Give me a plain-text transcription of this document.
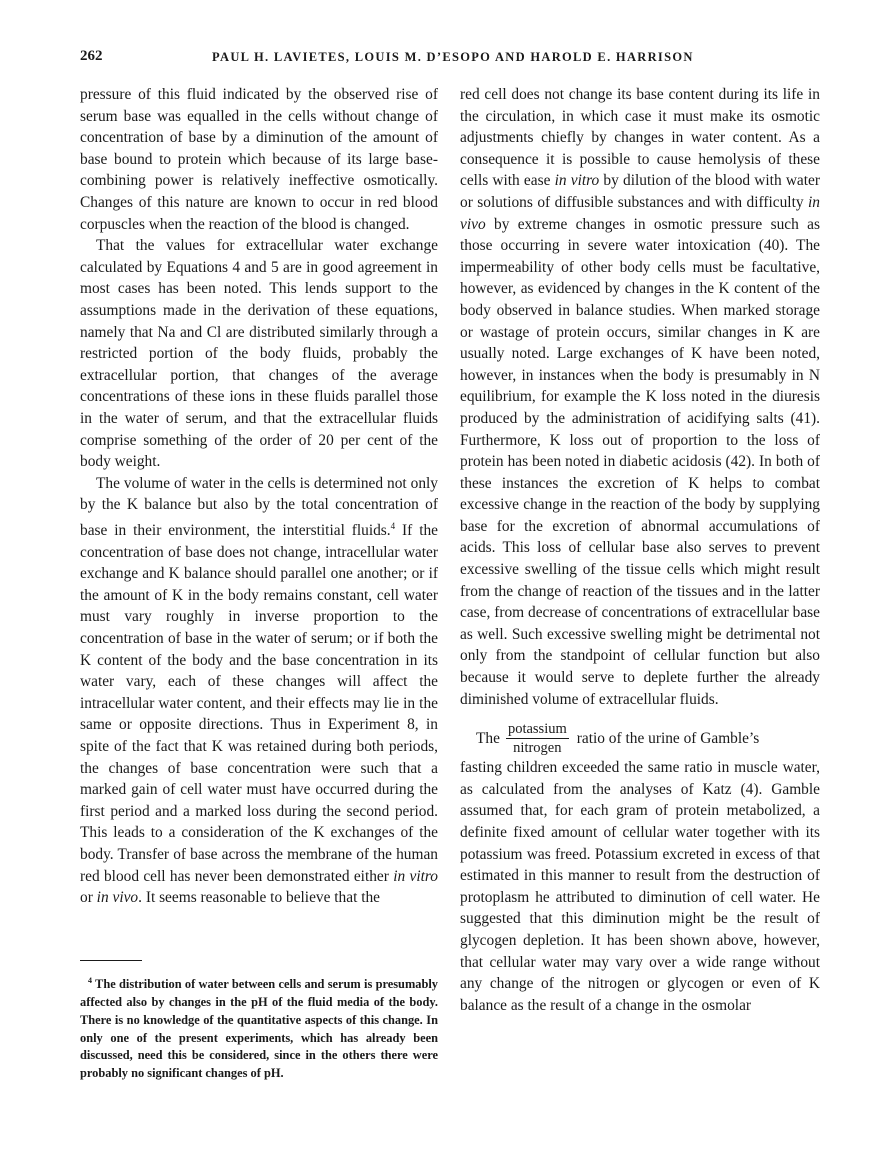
262	PAUL H. LAVIETES, LOUIS M. D’ESOPO AND HAROLD E. HARRISON

pressure of this fluid indicated by the observed rise of serum base was equalled in the cells without change of concentration of base by a diminution of the amount of base bound to protein which because of its large base-combining power is relatively ineffective osmotically. Changes of this nature are known to occur in red blood corpuscles when the reaction of the blood is changed.

That the values for extracellular water exchange calculated by Equations 4 and 5 are in good agreement in most cases has been noted. This lends support to the assumptions made in the derivation of these equations, namely that Na and Cl are distributed similarly through a restricted portion of the body fluids, probably the extracellular portion, that changes of the average concentrations of these ions in these fluids parallel those in the water of serum, and that the extracellular fluids comprise something of the order of 20 per cent of the body weight.

The volume of water in the cells is determined not only by the K balance but also by the total concentration of base in their environment, the interstitial fluids.$^4$ If the concentration of base does not change, intracellular water exchange and K balance should parallel one another; or if the amount of K in the body remains constant, cell water must vary roughly in inverse proportion to the concentration of base in the water of serum; or if both the K content of the body and the base concentration in its water vary, each of these changes will affect the intracellular water content, and their effects may lie in the same or opposite directions. Thus in Experiment 8, in spite of the fact that K was retained during both periods, the changes of base concentration were such that a marked gain of cell water must have occurred during the first period and a marked loss during the second period. This leads to a consideration of the K exchanges of the body. Transfer of base across the membrane of the human red blood cell has never been demonstrated either in vitro or in vivo. It seems reasonable to believe that the

$^4$ The distribution of water between cells and serum is presumably affected also by changes in the pH of the fluid media of the body. There is no knowledge of the quantitative aspects of this change. In only one of the present experiments, which has already been discussed, need this be considered, since in the others there were probably no significant changes of pH.

red cell does not change its base content during its life in the circulation, in which case it must make its osmotic adjustments chiefly by changes in water content. As a consequence it is possible to cause hemolysis of these cells with ease in vitro by dilution of the blood with water or solutions of diffusible substances and with difficulty in vivo by extreme changes in osmotic pressure such as those occurring in severe water intoxication (40). The impermeability of other body cells must be facultative, however, as evidenced by changes in the K content of the body observed in balance studies. When marked storage or wastage of protein occurs, similar changes in K are usually noted. Large exchanges of K have been noted, however, in instances when the body is presumably in N equilibrium, for example the K loss noted in the diuresis produced by the administration of acidifying salts (41). Furthermore, K loss out of proportion to the loss of protein has been noted in diabetic acidosis (42). In both of these instances the excretion of K helps to combat excessive change in the reaction of the body by supplying base for the excretion of abnormal accumulations of acids. This loss of cellular base also serves to prevent excessive swelling of the tissue cells which might result from the change of reaction of the tissues and in the latter case, from decrease of concentrations of extracellular base as well. Such excessive swelling might be detrimental not only from the standpoint of cellular function but also because it would serve to deplete further the already diminished volume of extracellular fluids.

The $\frac{\text{potassium}}{\text{nitrogen}}$ ratio of the urine of Gamble’s

fasting children exceeded the same ratio in muscle water, as calculated from the analyses of Katz (4). Gamble assumed that, for each gram of protein metabolized, a definite fixed amount of cellular water together with its potassium was freed. Potassium excreted in excess of that estimated in this manner to result from the destruction of protoplasm he attributed to diminution of cell water. He suggested that this diminution might be the result of glycogen depletion. It has been shown above, however, that cellular water may vary over a wide range without any change of the nitrogen or glycogen or even of K balance as the result of a change in the osmolar
